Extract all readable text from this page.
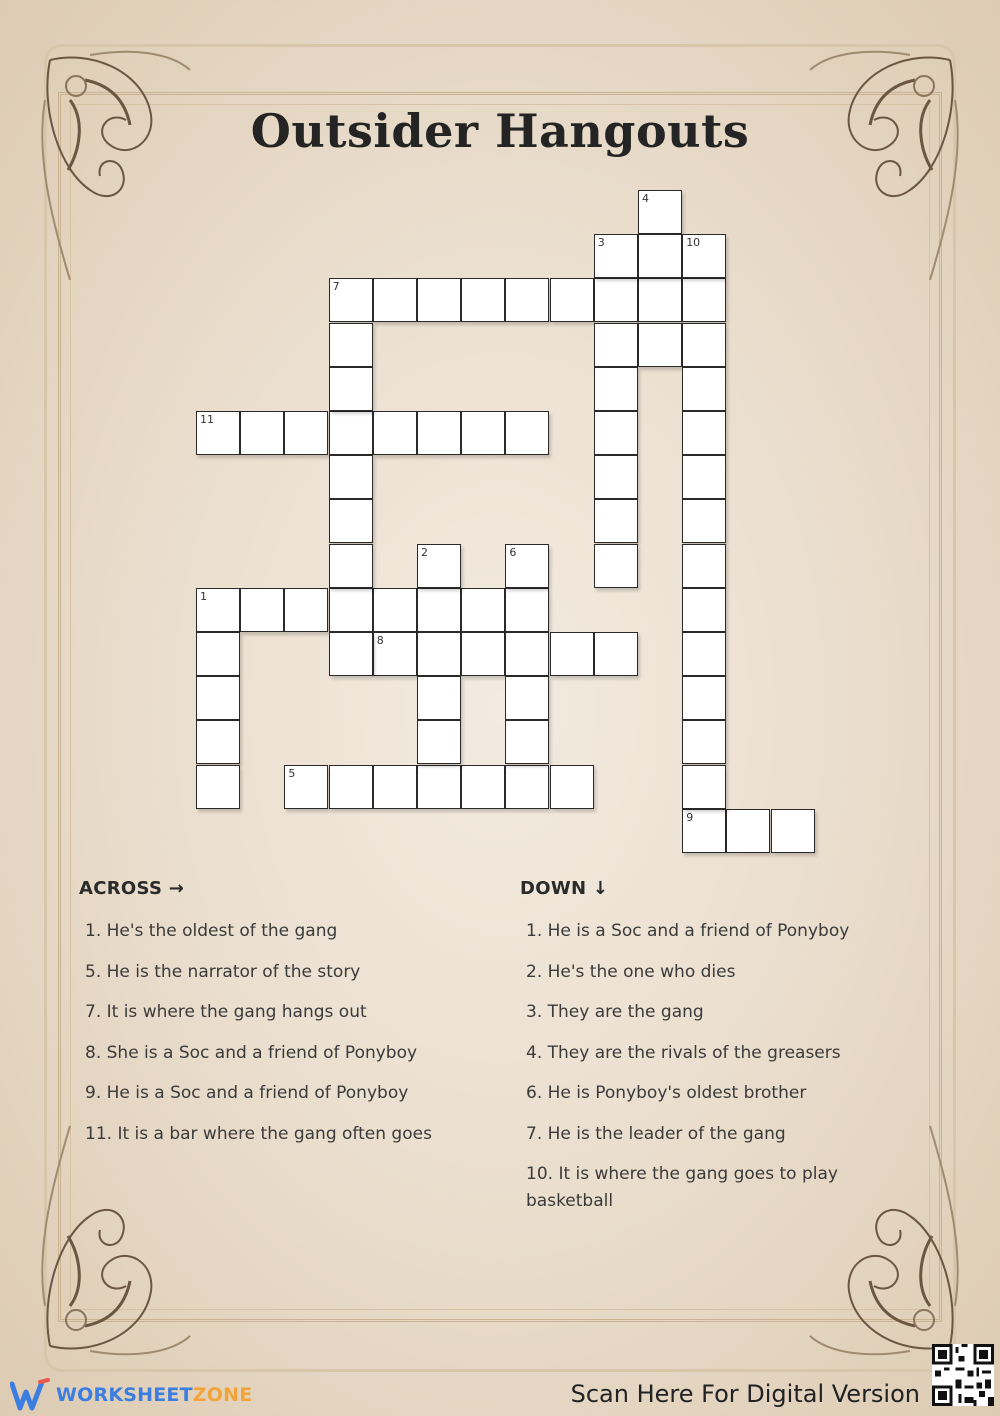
Outsider Hangouts
1
5
7
8
9
11
2
3
4
6
10
ACROSS →	DOWN ↓
1. He's the oldest of the gang
5. He is the narrator of the story
7. It is where the gang hangs out
8. She is a Soc and a friend of Ponyboy
9. He is a Soc and a friend of Ponyboy
11. It is a bar where the gang often goes
1. He is a Soc and a friend of Ponyboy
2. He's the one who dies
3. They are the gang
4. They are the rivals of the greasers
6. He is Ponyboy's oldest brother
7. He is the leader of the gang
10. It is where the gang goes to play basketball
WORKSHEETZONE	Scan Here For Digital Version
